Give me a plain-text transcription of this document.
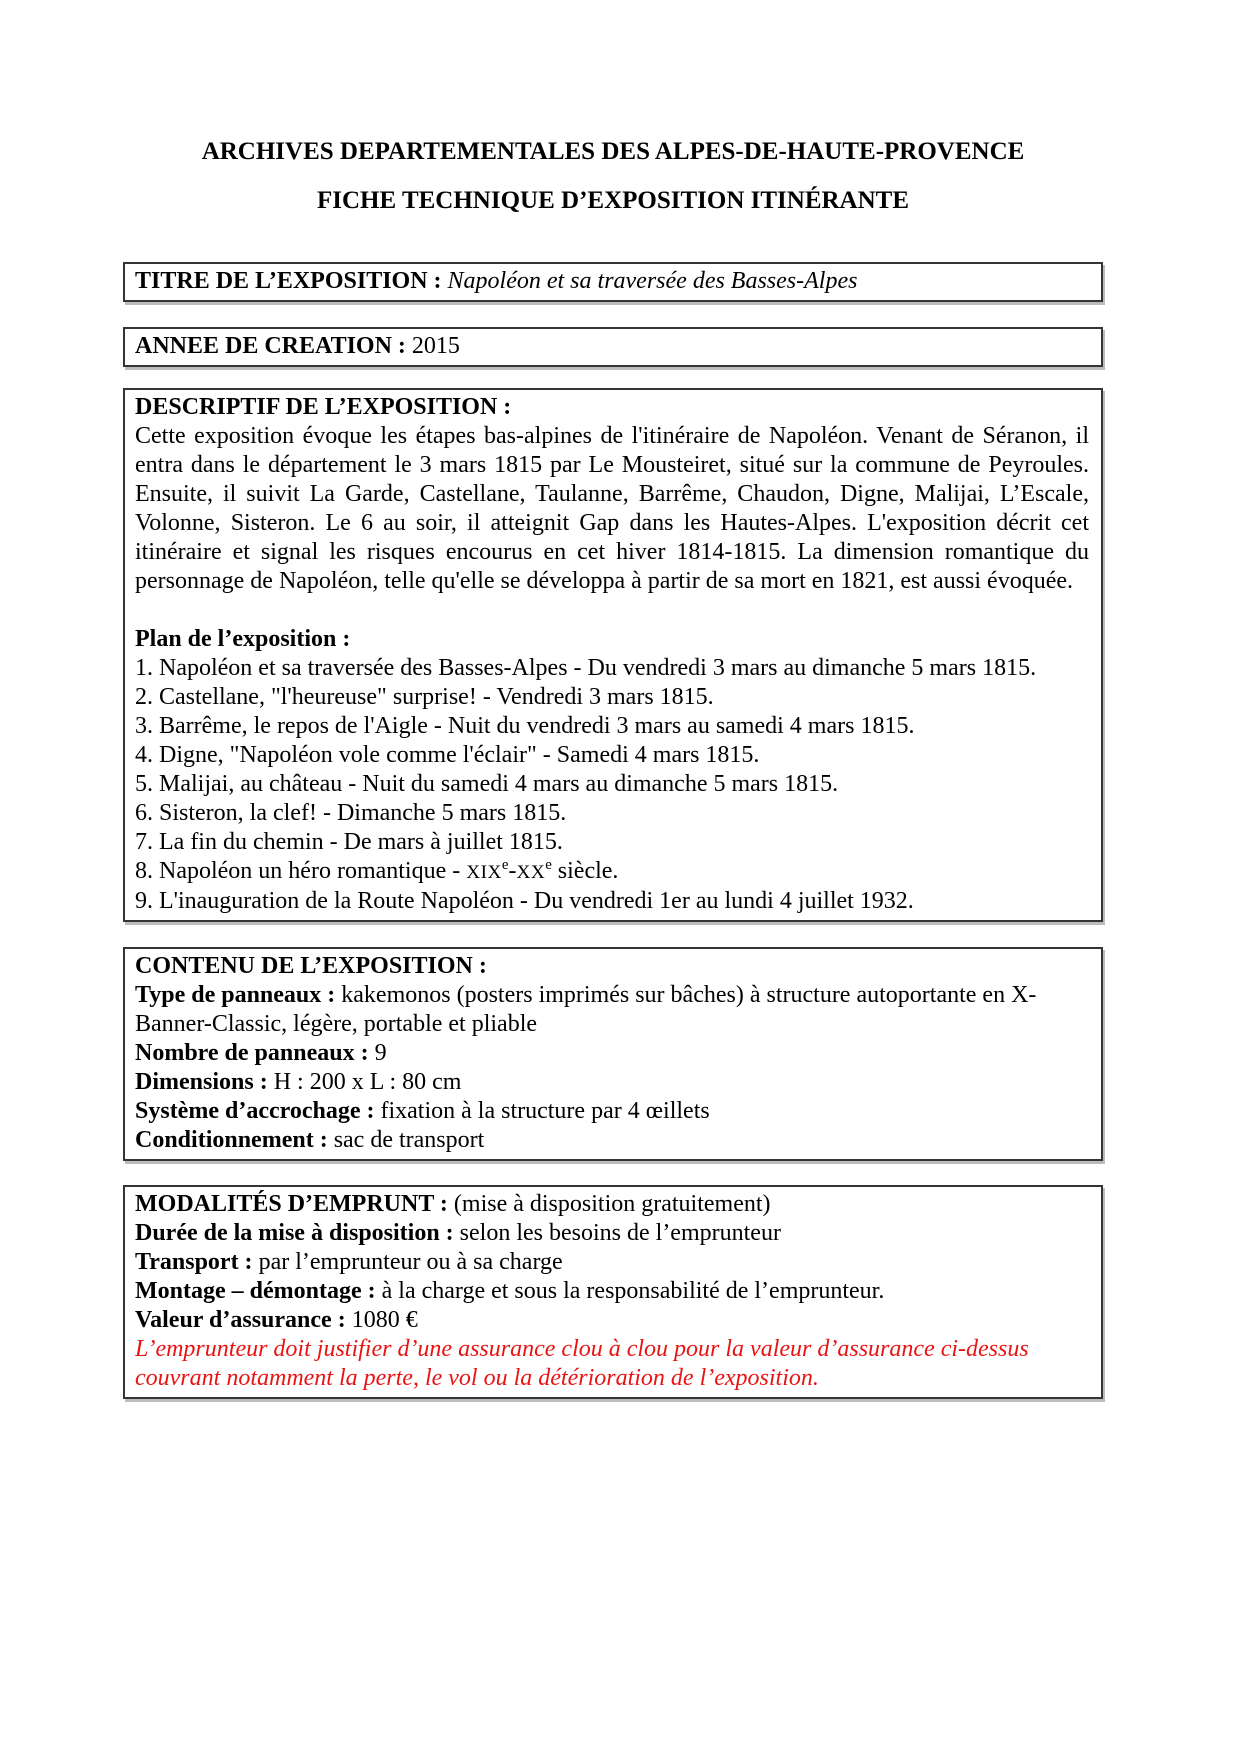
ARCHIVES DEPARTEMENTALES DES ALPES-DE-HAUTE-PROVENCE

FICHE TECHNIQUE D’EXPOSITION ITINÉRANTE

TITRE DE L’EXPOSITION : Napoléon et sa traversée des Basses-Alpes

ANNEE DE CREATION : 2015

DESCRIPTIF DE L’EXPOSITION :

Cette exposition évoque les étapes bas-alpines de l'itinéraire de Napoléon. Venant de Séranon, il entra dans le département le 3 mars 1815 par Le Mousteiret, situé sur la commune de Peyroules. Ensuite, il suivit La Garde, Castellane, Taulanne, Barrême, Chaudon, Digne, Malijai, L’Escale, Volonne, Sisteron. Le 6 au soir, il atteignit Gap dans les Hautes-Alpes. L'exposition décrit cet itinéraire et signal les risques encourus en cet hiver 1814-1815. La dimension romantique du personnage de Napoléon, telle qu'elle se développa à partir de sa mort en 1821, est aussi évoquée.

Plan de l’exposition :

1. Napoléon et sa traversée des Basses-Alpes - Du vendredi 3 mars au dimanche 5 mars 1815.

2. Castellane, "l'heureuse" surprise! - Vendredi 3 mars 1815.

3. Barrême, le repos de l'Aigle - Nuit du vendredi 3 mars au samedi 4 mars 1815.

4. Digne, "Napoléon vole comme l'éclair" - Samedi 4 mars 1815.

5. Malijai, au château - Nuit du samedi 4 mars au dimanche 5 mars 1815.

6. Sisteron, la clef! - Dimanche 5 mars 1815.

7. La fin du chemin - De mars à juillet 1815.

8. Napoléon un héro romantique - XIXe-XXe siècle.

9. L'inauguration de la Route Napoléon - Du vendredi 1er au lundi 4 juillet 1932.

CONTENU DE L’EXPOSITION :

Type de panneaux : kakemonos (posters imprimés sur bâches) à structure autoportante en X-Banner-Classic, légère, portable et pliable

Nombre de panneaux : 9

Dimensions : H : 200 x L : 80 cm

Système d’accrochage : fixation à la structure par 4 œillets

Conditionnement : sac de transport

MODALITÉS D’EMPRUNT : (mise à disposition gratuitement)

Durée de la mise à disposition : selon les besoins de l’emprunteur

Transport : par l’emprunteur ou à sa charge

Montage – démontage : à la charge et sous la responsabilité de l’emprunteur.

Valeur d’assurance : 1080 €

L’emprunteur doit justifier d’une assurance clou à clou pour la valeur d’assurance ci-dessus couvrant notamment la perte, le vol ou la détérioration de l’exposition.
